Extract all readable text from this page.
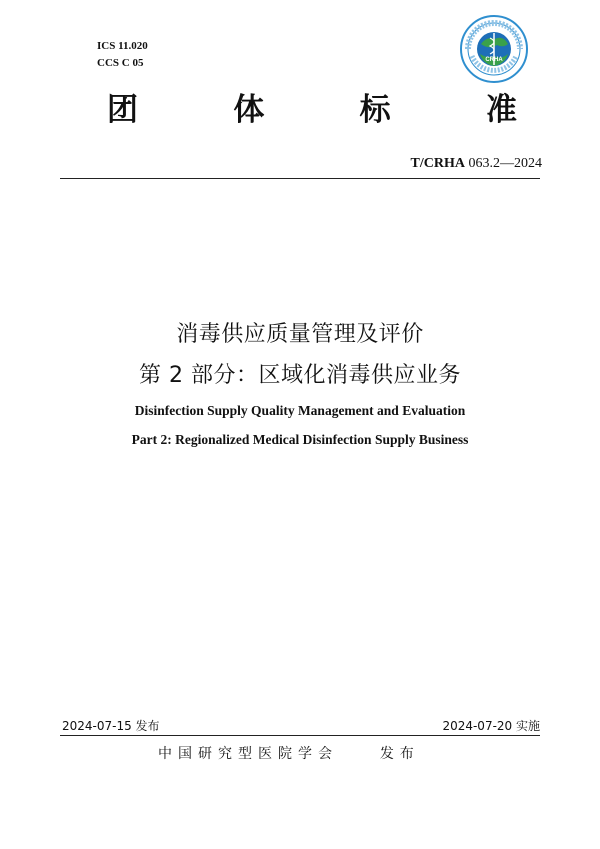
ICS 11.020
CCS C 05	CRHA
团	体	标	准
T/CRHA 063.2—2024
消毒供应质量管理及评价
第 2 部分：区域化消毒供应业务
Disinfection Supply Quality Management and Evaluation
Part 2: Regionalized Medical Disinfection Supply Business
2024-07-15 发布	2024-07-20 实施
中国研究型医院学会	发布
